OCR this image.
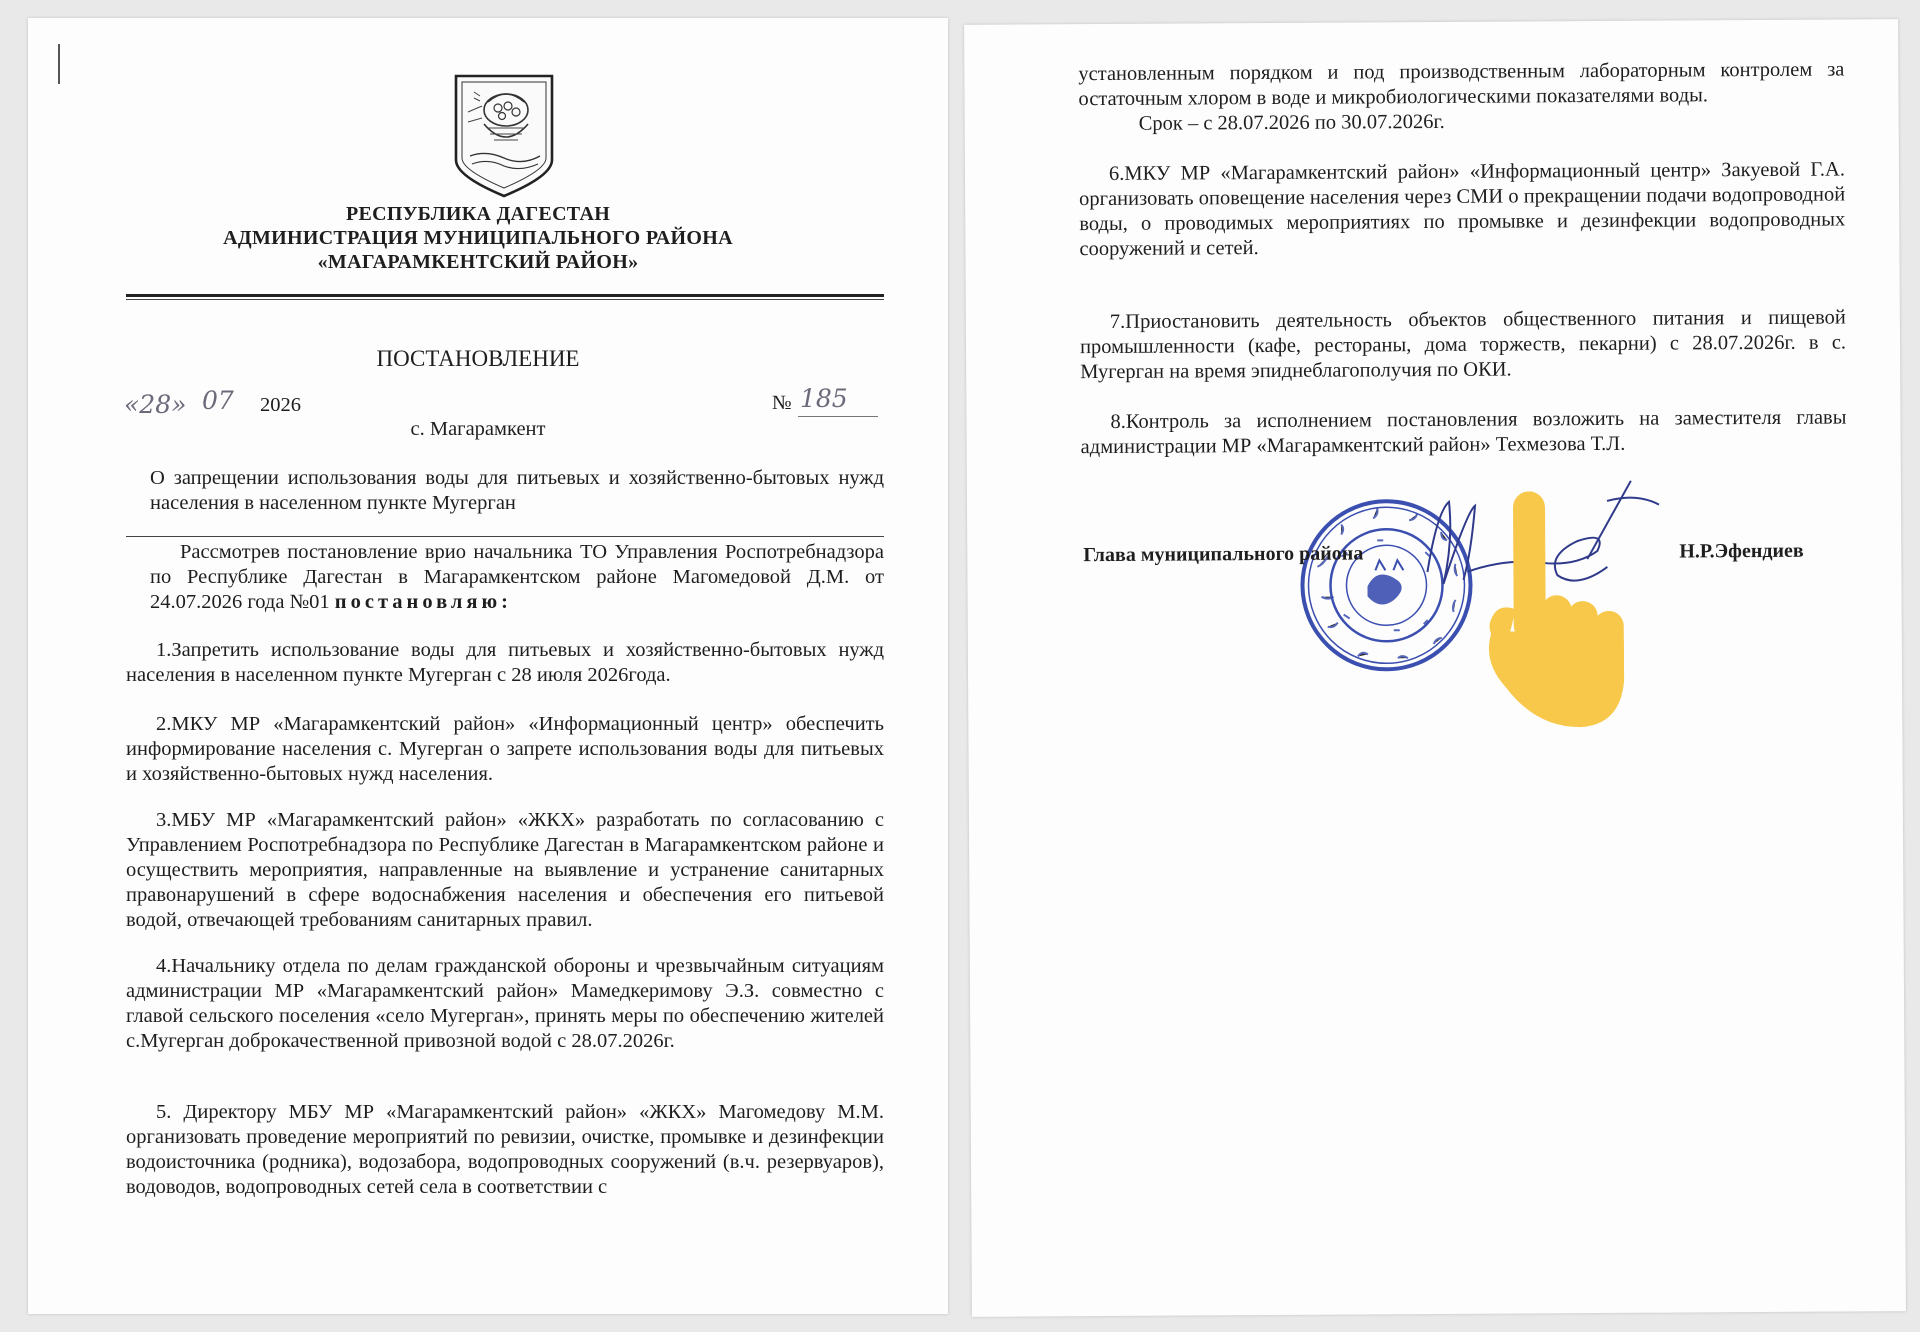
РЕСПУБЛИКА ДАГЕСТАН
АДМИНИСТРАЦИЯ МУНИЦИПАЛЬНОГО РАЙОНА
«МАГАРАМКЕНТСКИЙ РАЙОН»
ПОСТАНОВЛЕНИЕ
«28» 07 2026	№ 185
с. Магарамкент
О запрещении использования воды для питьевых и хозяйственно-бытовых нужд населения в населенном пункте Мугерган
Рассмотрев постановление врио начальника ТО Управления Роспотребнадзора по Республике Дагестан в Магарамкентском районе Магомедовой Д.М. от 24.07.2026 года №01 постановляю:
1.Запретить использование воды для питьевых и хозяйственно-бытовых нужд населения в населенном пункте Мугерган с 28 июля 2026года.
2.МКУ МР «Магарамкентский район» «Информационный центр» обеспечить информирование населения с. Мугерган о запрете использования воды для питьевых и хозяйственно-бытовых нужд населения.
3.МБУ МР «Магарамкентский район» «ЖКХ» разработать по согласованию с Управлением Роспотребнадзора по Республике Дагестан в Магарамкентском районе и осуществить мероприятия, направленные на выявление и устранение санитарных правонарушений в сфере водоснабжения населения и обеспечения его питьевой водой, отвечающей требованиям санитарных правил.
4.Начальнику отдела по делам гражданской обороны и чрезвычайным ситуациям администрации МР «Магарамкентский район» Мамедкеримову Э.З. совместно с главой сельского поселения «село Мугерган», принять меры по обеспечению жителей с.Мугерган доброкачественной привозной водой с 28.07.2026г.
5. Директору МБУ МР «Магарамкентский район» «ЖКХ» Магомедову М.М. организовать проведение мероприятий по ревизии, очистке, промывке и дезинфекции водоисточника (родника), водозабора, водопроводных сооружений (в.ч. резервуаров), водоводов, водопроводных сетей села в соответствии с
установленным порядком и под производственным лабораторным контролем за остаточным хлором в воде и микробиологическими показателями воды.
Срок – с 28.07.2026 по 30.07.2026г.
6.МКУ МР «Магарамкентский район» «Информационный центр» Закуевой Г.А. организовать оповещение населения через СМИ о прекращении подачи водопроводной воды, о проводимых мероприятиях по промывке и дезинфекции водопроводных сооружений и сетей.
7.Приостановить деятельность объектов общественного питания и пищевой промышленности (кафе, рестораны, дома торжеств, пекарни) с 28.07.2026г. в с. Мугерган на время эпиднеблагополучия по ОКИ.
8.Контроль за исполнением постановления возложить на заместителя главы администрации МР «Магарамкентский район» Техмезова Т.Л.
Глава муниципального района	Н.Р.Эфендиев
